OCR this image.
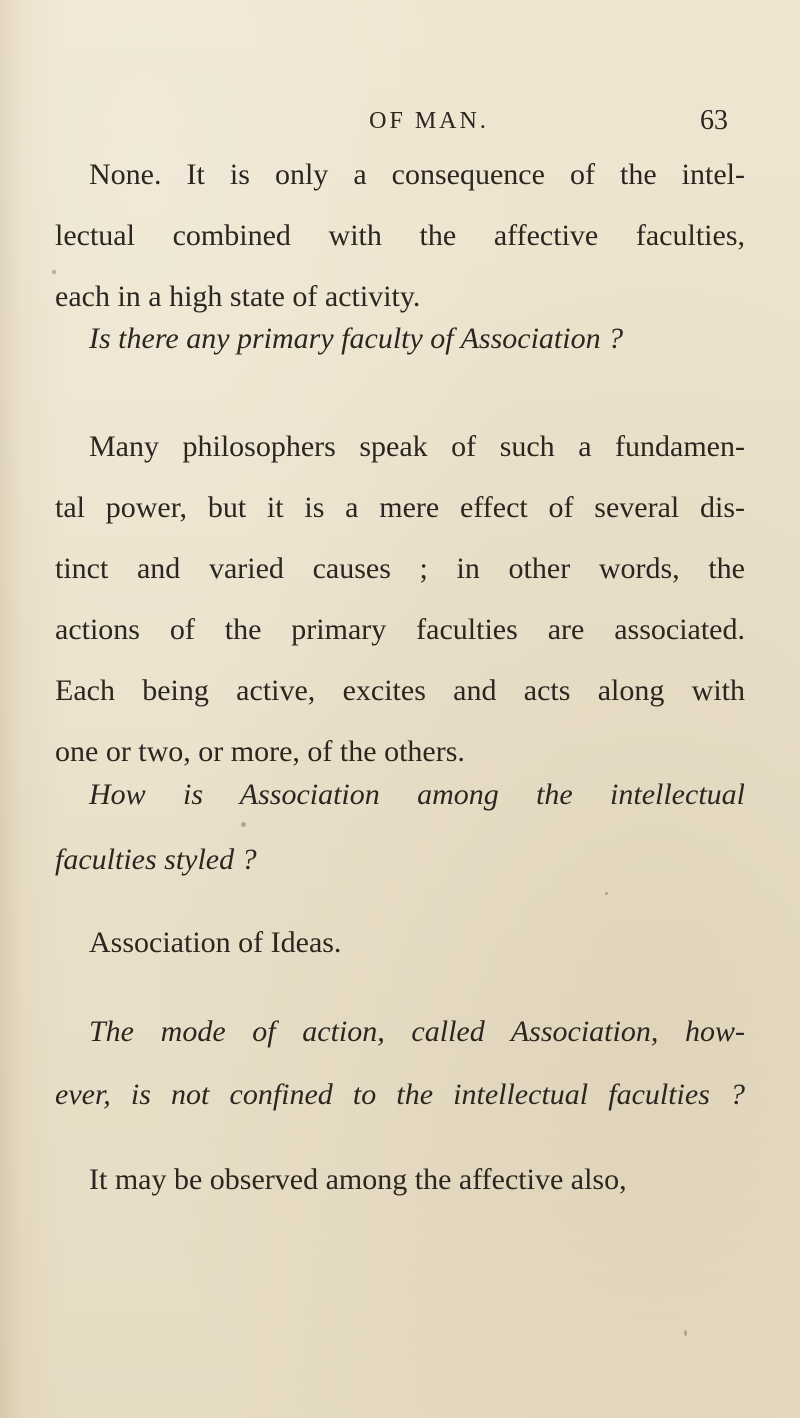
OF MAN.	63
None. It is only a consequence of the intel-
lectual combined with the affective faculties,
each in a high state of activity.
Is there any primary faculty of Association ?
Many philosophers speak of such a fundamen-
tal power, but it is a mere effect of several dis-
tinct and varied causes ; in other words, the
actions of the primary faculties are associated.
Each being active, excites and acts along with
one or two, or more, of the others.
How is Association among the intellectual
faculties styled ?
Association of Ideas.
The mode of action, called Association, how-
ever, is not confined to the intellectual faculties ?
It may be observed among the affective also,
